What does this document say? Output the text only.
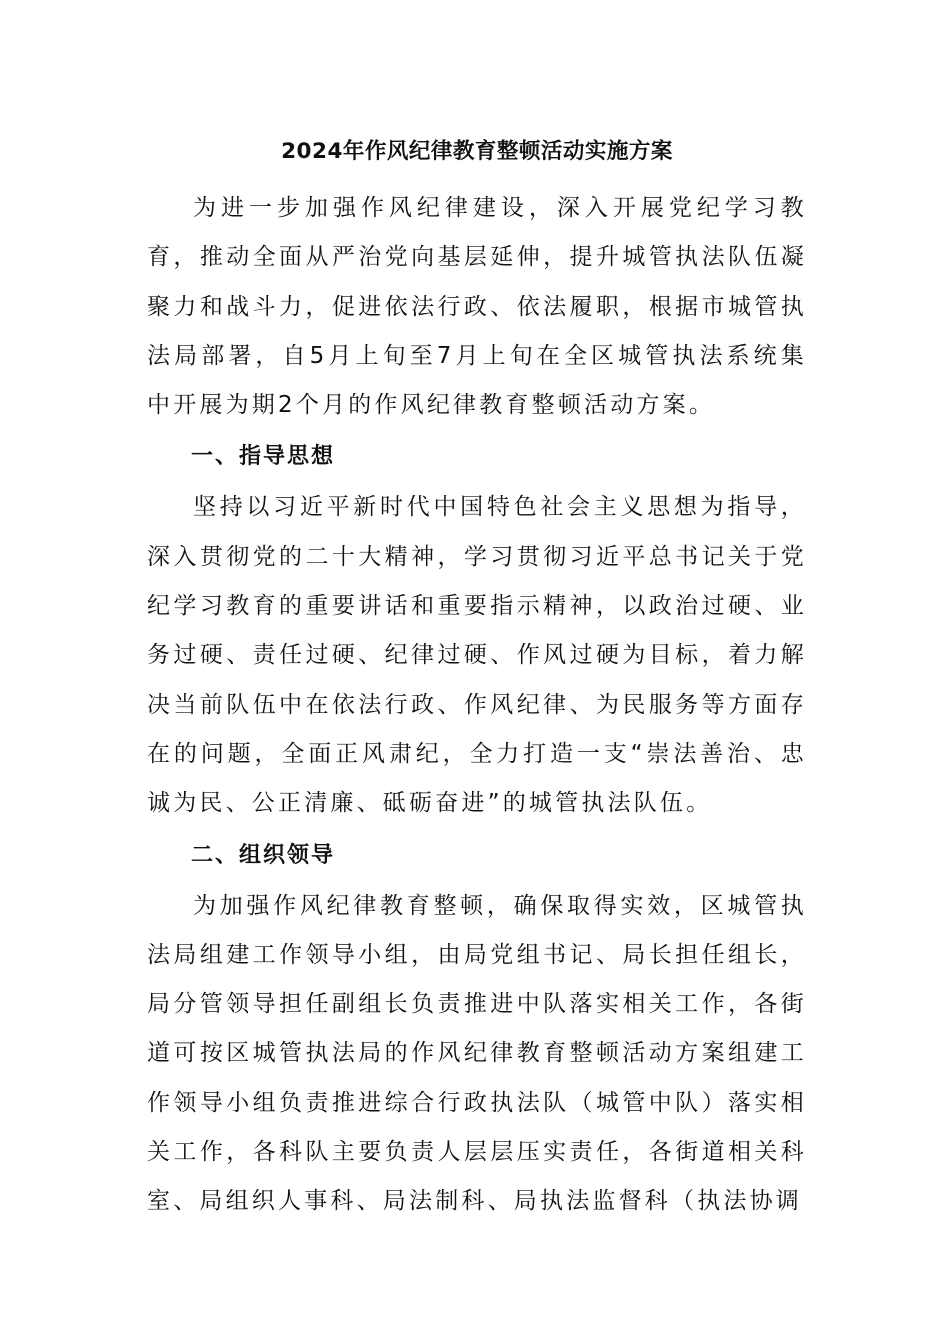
2024年作风纪律教育整顿活动实施方案

为进一步加强作风纪律建设，深入开展党纪学习教育，推动全面从严治党向基层延伸，提升城管执法队伍凝聚力和战斗力，促进依法行政、依法履职，根据市城管执法局部署，自5月上旬至7月上旬在全区城管执法系统集中开展为期2个月的作风纪律教育整顿活动方案。

一、指导思想

坚持以习近平新时代中国特色社会主义思想为指导，深入贯彻党的二十大精神，学习贯彻习近平总书记关于党纪学习教育的重要讲话和重要指示精神，以政治过硬、业务过硬、责任过硬、纪律过硬、作风过硬为目标，着力解决当前队伍中在依法行政、作风纪律、为民服务等方面存在的问题，全面正风肃纪，全力打造一支“崇法善治、忠诚为民、公正清廉、砥砺奋进”的城管执法队伍。

二、组织领导

为加强作风纪律教育整顿，确保取得实效，区城管执法局组建工作领导小组，由局党组书记、局长担任组长，局分管领导担任副组长负责推进中队落实相关工作，各街道可按区城管执法局的作风纪律教育整顿活动方案组建工作领导小组负责推进综合行政执法队（城管中队）落实相关工作，各科队主要负责人层层压实责任，各街道相关科室、局组织人事科、局法制科、局执法监督科（执法协调
